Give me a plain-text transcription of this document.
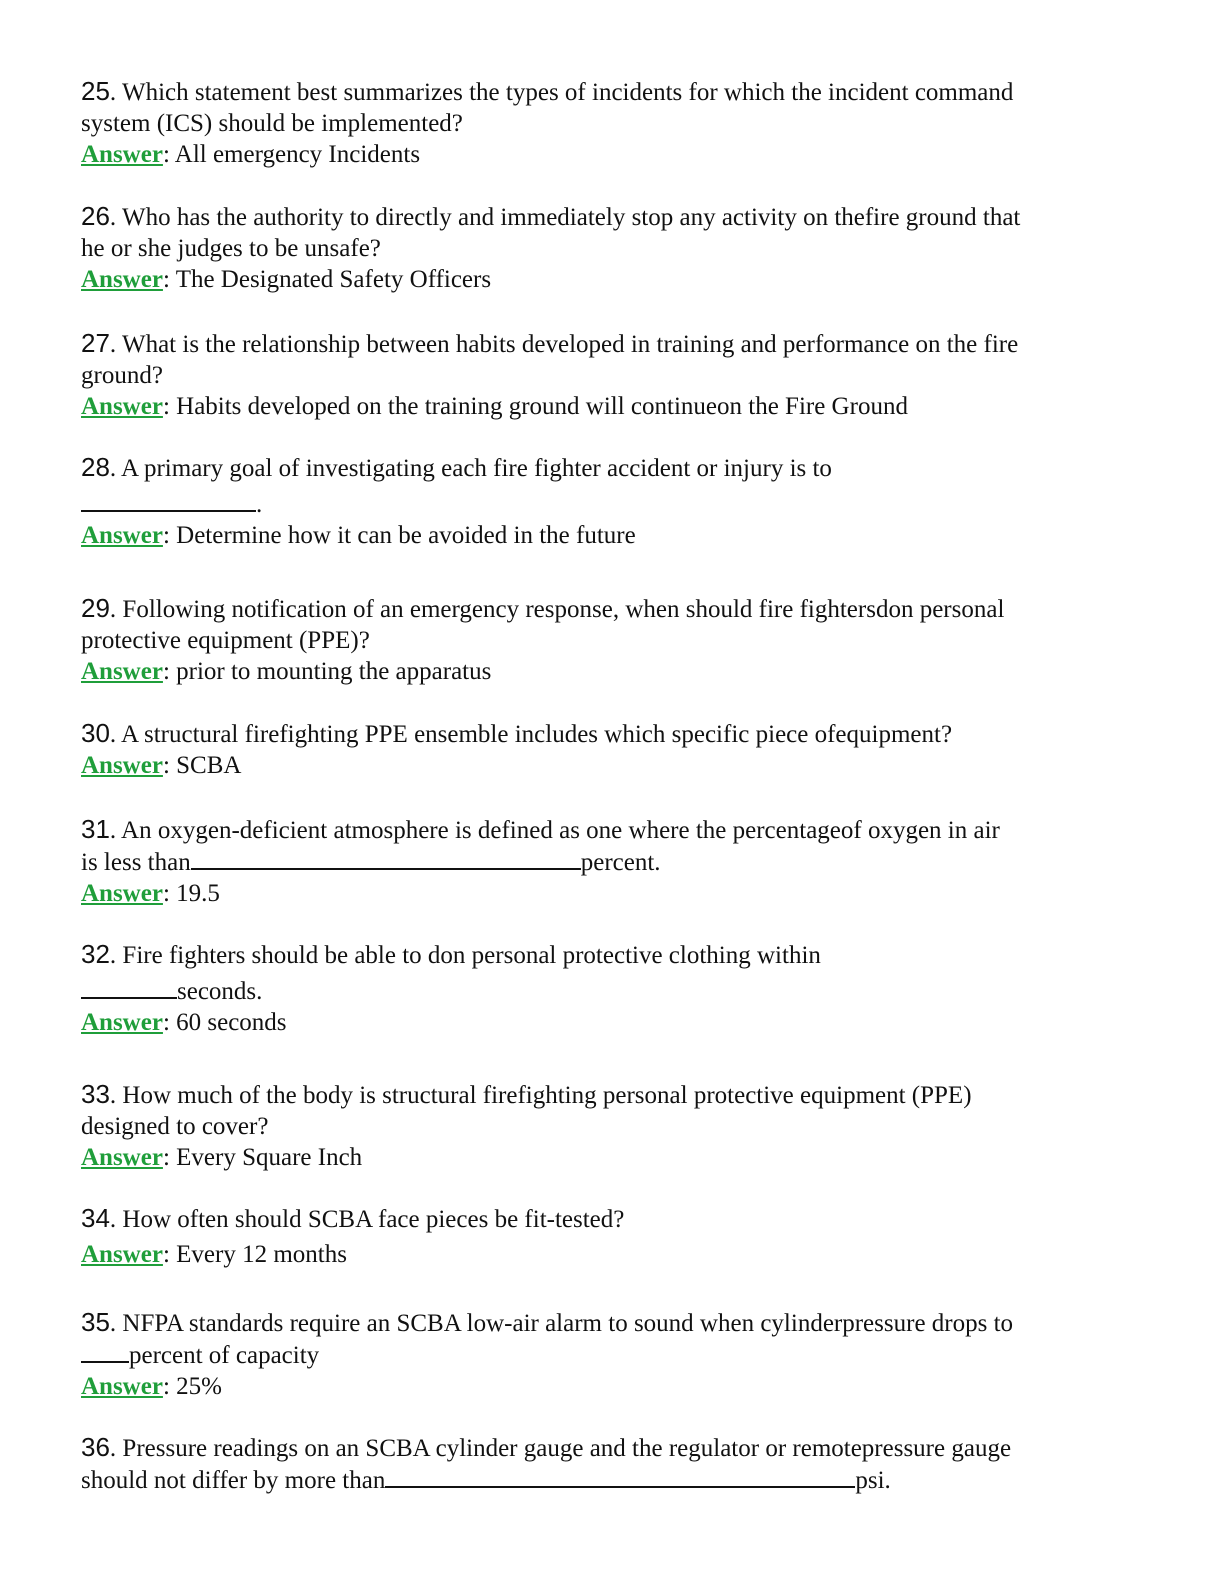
25. Which statement best summarizes the types of incidents for which the incident command
system (ICS) should be implemented?
Answer: All emergency Incidents
26. Who has the authority to directly and immediately stop any activity on thefire ground that
he or she judges to be unsafe?
Answer: The Designated Safety Officers
27. What is the relationship between habits developed in training and performance on the fire
ground?
Answer: Habits developed on the training ground will continueon the Fire Ground
28. A primary goal of investigating each fire fighter accident or injury is to
.
Answer: Determine how it can be avoided in the future
29. Following notification of an emergency response, when should fire fightersdon personal
protective equipment (PPE)?
Answer: prior to mounting the apparatus
30. A structural firefighting PPE ensemble includes which specific piece ofequipment?
Answer: SCBA
31. An oxygen-deficient atmosphere is defined as one where the percentageof oxygen in air
is less than	percent.
Answer: 19.5
32. Fire fighters should be able to don personal protective clothing within
seconds.
Answer: 60 seconds
33. How much of the body is structural firefighting personal protective equipment (PPE)
designed to cover?
Answer: Every Square Inch
34. How often should SCBA face pieces be fit-tested?
Answer: Every 12 months
35. NFPA standards require an SCBA low-air alarm to sound when cylinderpressure drops to
percent of capacity
Answer: 25%
36. Pressure readings on an SCBA cylinder gauge and the regulator or remotepressure gauge
should not differ by more than	psi.
